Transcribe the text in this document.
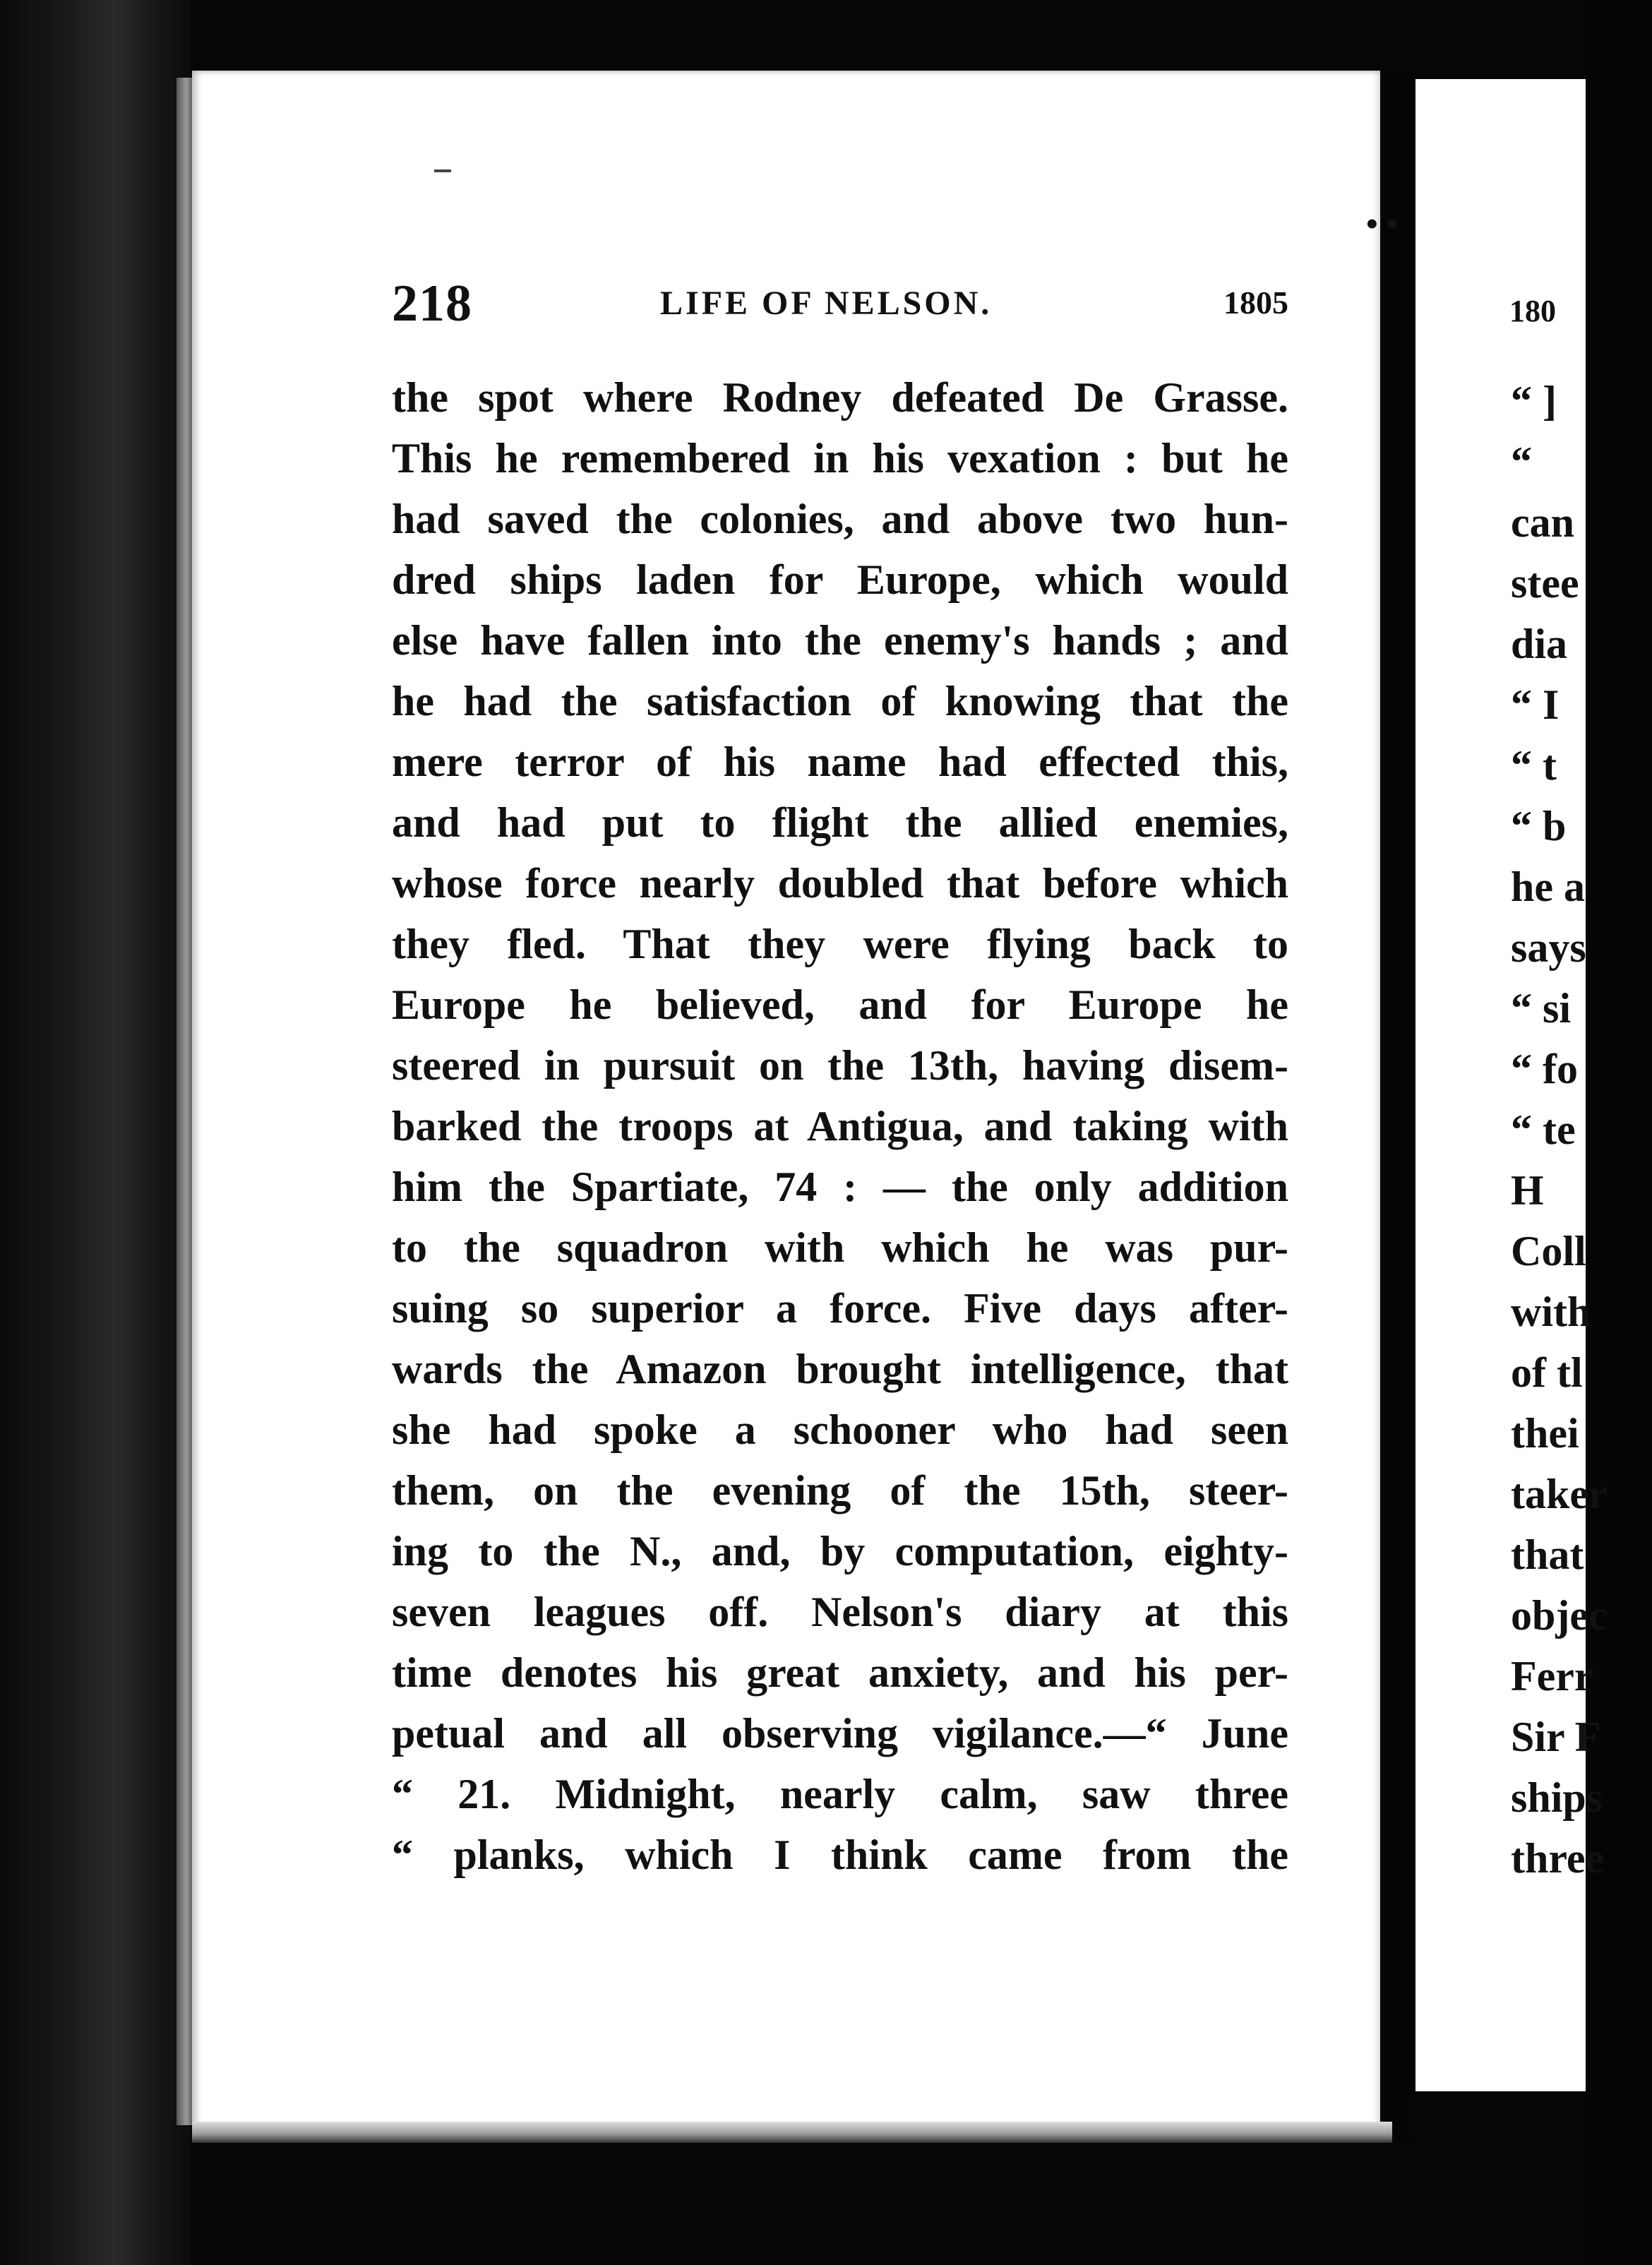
• •
218	LIFE OF NELSON.	1805
the spot where Rodney defeated De Grasse.
This he remembered in his vexation : but he
had saved the colonies, and above two hun-
dred ships laden for Europe, which would
else have fallen into the enemy's hands ; and
he had the satisfaction of knowing that the
mere terror of his name had effected this,
and had put to flight the allied enemies,
whose force nearly doubled that before which
they fled. That they were flying back to
Europe he believed, and for Europe he
steered in pursuit on the 13th, having disem-
barked the troops at Antigua, and taking with
him the Spartiate, 74 : — the only addition
to the squadron with which he was pur-
suing so superior a force. Five days after-
wards the Amazon brought intelligence, that
she had spoke a schooner who had seen
them, on the evening of the 15th, steer-
ing to the N., and, by computation, eighty-
seven leagues off. Nelson's diary at this
time denotes his great anxiety, and his per-
petual and all observing vigilance.—“ June
“ 21. Midnight, nearly calm, saw three
“ planks, which I think came from the
180
“ ]
“
can
stee
dia
“ I
“ t
“ b
he a
says
“ si
“ fo
“ te
H
Coll
with
of tl
thei
taker
that
objec
Ferr
Sir F
ships
three
